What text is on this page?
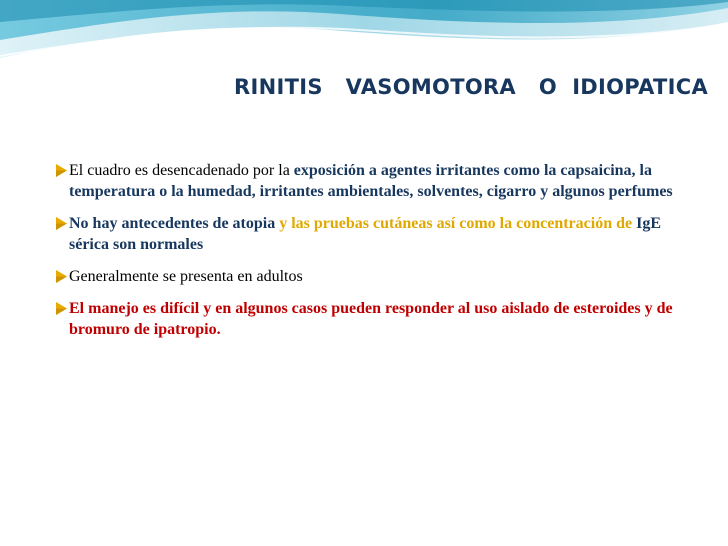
RINITIS   VASOMOTORA   O  IDIOPATICA
El cuadro es desencadenado por la exposición a agentes irritantes como la capsaicina, la temperatura o la humedad, irritantes ambientales, solventes, cigarro y algunos perfumes
No hay antecedentes de atopia y las pruebas cutáneas así como la concentración de IgE sérica son normales
Generalmente se presenta en adultos
El manejo es difícil y en algunos casos pueden responder al uso aislado de esteroides y de bromuro de ipatropio.
